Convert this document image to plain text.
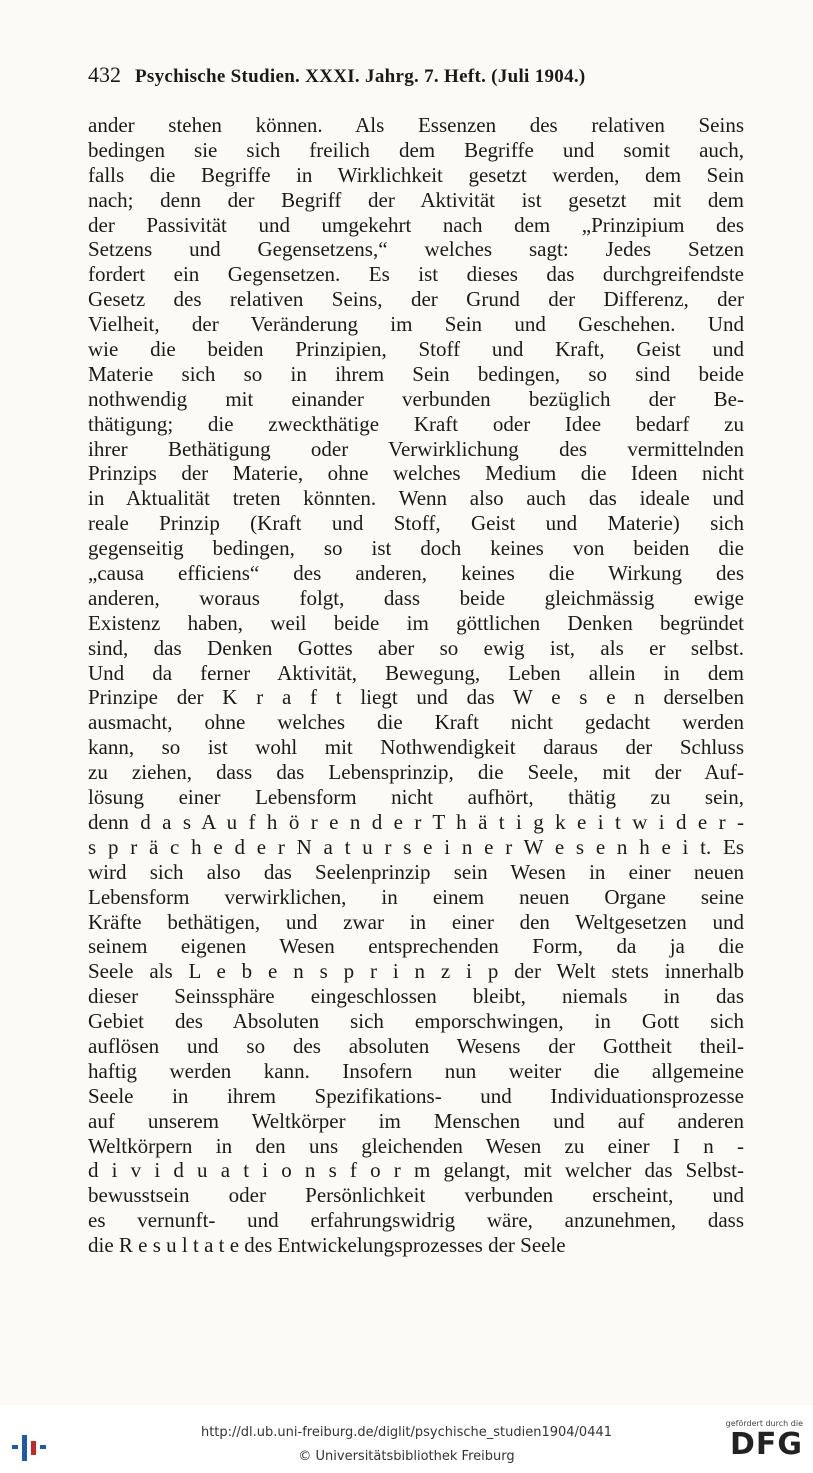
432 Psychische Studien. XXXI. Jahrg. 7. Heft. (Juli 1904.)
ander stehen können. Als Essenzen des relativen Seins
bedingen sie sich freilich dem Begriffe und somit auch,
falls die Begriffe in Wirklichkeit gesetzt werden, dem Sein
nach; denn der Begriff der Aktivität ist gesetzt mit dem
der Passivität und umgekehrt nach dem „Prinzipium des
Setzens und Gegensetzens,“ welches sagt: Jedes Setzen
fordert ein Gegensetzen. Es ist dieses das durchgreifendste
Gesetz des relativen Seins, der Grund der Differenz, der
Vielheit, der Veränderung im Sein und Geschehen. Und
wie die beiden Prinzipien, Stoff und Kraft, Geist und
Materie sich so in ihrem Sein bedingen, so sind beide
nothwendig mit einander verbunden bezüglich der Be-
thätigung; die zweckthätige Kraft oder Idee bedarf zu
ihrer Bethätigung oder Verwirklichung des vermittelnden
Prinzips der Materie, ohne welches Medium die Ideen nicht
in Aktualität treten könnten. Wenn also auch das ideale und
reale Prinzip (Kraft und Stoff, Geist und Materie) sich
gegenseitig bedingen, so ist doch keines von beiden die
„causa efficiens“ des anderen, keines die Wirkung des
anderen, woraus folgt, dass beide gleichmässig ewige
Existenz haben, weil beide im göttlichen Denken begründet
sind, das Denken Gottes aber so ewig ist, als er selbst.
Und da ferner Aktivität, Bewegung, Leben allein in dem
Prinzipe der K r a f t liegt und das W e s e n derselben
ausmacht, ohne welches die Kraft nicht gedacht werden
kann, so ist wohl mit Nothwendigkeit daraus der Schluss
zu ziehen, dass das Lebensprinzip, die Seele, mit der Auf-
lösung einer Lebensform nicht aufhört, thätig zu sein,
denn d a s A u f h ö r e n d e r T h ä t i g k e i t w i d e r -
s p r ä c h e d e r N a t u r s e i n e r W e s e n h e i t. Es
wird sich also das Seelenprinzip sein Wesen in einer neuen
Lebensform verwirklichen, in einem neuen Organe seine
Kräfte bethätigen, und zwar in einer den Weltgesetzen und
seinem eigenen Wesen entsprechenden Form, da ja die
Seele als L e b e n s p r i n z i p der Welt stets innerhalb
dieser Seinssphäre eingeschlossen bleibt, niemals in das
Gebiet des Absoluten sich emporschwingen, in Gott sich
auflösen und so des absoluten Wesens der Gottheit theil-
haftig werden kann. Insofern nun weiter die allgemeine
Seele in ihrem Spezifikations- und Individuationsprozesse
auf unserem Weltkörper im Menschen und auf anderen
Weltkörpern in den uns gleichenden Wesen zu einer I n -
d i v i d u a t i o n s f o r m gelangt, mit welcher das Selbst-
bewusstsein oder Persönlichkeit verbunden erscheint, und
es vernunft- und erfahrungswidrig wäre, anzunehmen, dass
die R e s u l t a t e des Entwickelungsprozesses der Seele
http://dl.ub.uni-freiburg.de/diglit/psychische_studien1904/0441
© Universitätsbibliothek Freiburg
gefördert durch die
DFG
